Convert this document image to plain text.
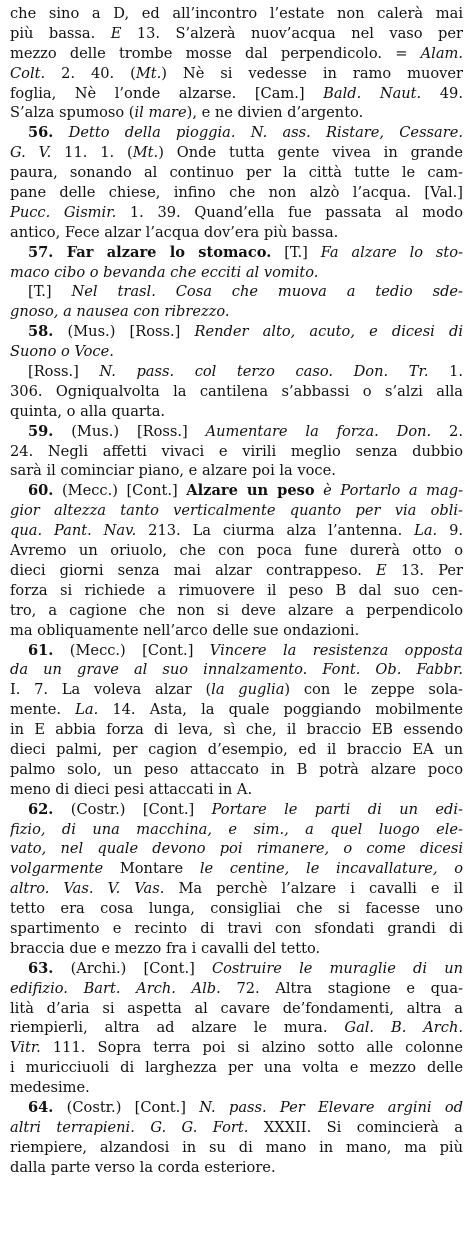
che sino a D, ed all’incontro l’estate non calerà mai
più bassa. E 13. S’alzerà nuov’acqua nel vaso per
mezzo delle trombe mosse dal perpendicolo. = Alam.
Colt. 2. 40. (Mt.) Nè si vedesse in ramo muover
foglia, Nè l’onde alzarse. [Cam.] Bald. Naut. 49.
S’alza spumoso (il mare), e ne divien d’argento.
56. Detto della pioggia. N. ass. Ristare, Cessare.
G. V. 11. 1. (Mt.) Onde tutta gente vivea in grande
paura, sonando al continuo per la città tutte le cam-
pane delle chiese, infino che non alzò l’acqua. [Val.]
Pucc. Gismir. 1. 39. Quand’ella fue passata al modo
antico, Fece alzar l’acqua dov’era più bassa.
57. Far alzare lo stomaco. [T.] Fa alzare lo sto-
maco cibo o bevanda che ecciti al vomito.
[T.] Nel trasl. Cosa che muova a tedio sde-
gnoso, a nausea con ribrezzo.
58. (Mus.) [Ross.] Render alto, acuto, e dicesi di
Suono o Voce.
[Ross.] N. pass. col terzo caso. Don. Tr. 1.
306. Ogniqualvolta la cantilena s’abbassi o s’alzi alla
quinta, o alla quarta.
59. (Mus.) [Ross.] Aumentare la forza. Don. 2.
24. Negli affetti vivaci e virili meglio senza dubbio
sarà il cominciar piano, e alzare poi la voce.
60. (Mecc.) [Cont.] Alzare un peso è Portarlo a mag-
gior altezza tanto verticalmente quanto per via obli-
qua. Pant. Nav. 213. La ciurma alza l’antenna. La. 9.
Avremo un oriuolo, che con poca fune durerà otto o
dieci giorni senza mai alzar contrappeso. E 13. Per
forza si richiede a rimuovere il peso B dal suo cen-
tro, a cagione che non si deve alzare a perpendicolo
ma obliquamente nell’arco delle sue ondazioni.
61. (Mecc.) [Cont.] Vincere la resistenza opposta
da un grave al suo innalzamento. Font. Ob. Fabbr.
I. 7. La voleva alzar (la guglia) con le zeppe sola-
mente. La. 14. Asta, la quale poggiando mobilmente
in E abbia forza di leva, sì che, il braccio EB essendo
dieci palmi, per cagion d’esempio, ed il braccio EA un
palmo solo, un peso attaccato in B potrà alzare poco
meno di dieci pesi attaccati in A.
62. (Costr.) [Cont.] Portare le parti di un edi-
fizio, di una macchina, e sim., a quel luogo ele-
vato, nel quale devono poi rimanere, o come dicesi
volgarmente Montare le centine, le incavallature, o
altro. Vas. V. Vas. Ma perchè l’alzare i cavalli e il
tetto era cosa lunga, consigliai che si facesse uno
spartimento e recinto di travi con sfondati grandi di
braccia due e mezzo fra i cavalli del tetto.
63. (Archi.) [Cont.] Costruire le muraglie di un
edifizio. Bart. Arch. Alb. 72. Altra stagione e qua-
lità d’aria si aspetta al cavare de’fondamenti, altra a
riempierli, altra ad alzare le mura. Gal. B. Arch.
Vitr. 111. Sopra terra poi si alzino sotto alle colonne
i muricciuoli di larghezza per una volta e mezzo delle
medesime.
64. (Costr.) [Cont.] N. pass. Per Elevare argini od
altri terrapieni. G. G. Fort. XXXII. Si comincierà a
riempiere, alzandosi in su di mano in mano, ma più
dalla parte verso la corda esteriore.
